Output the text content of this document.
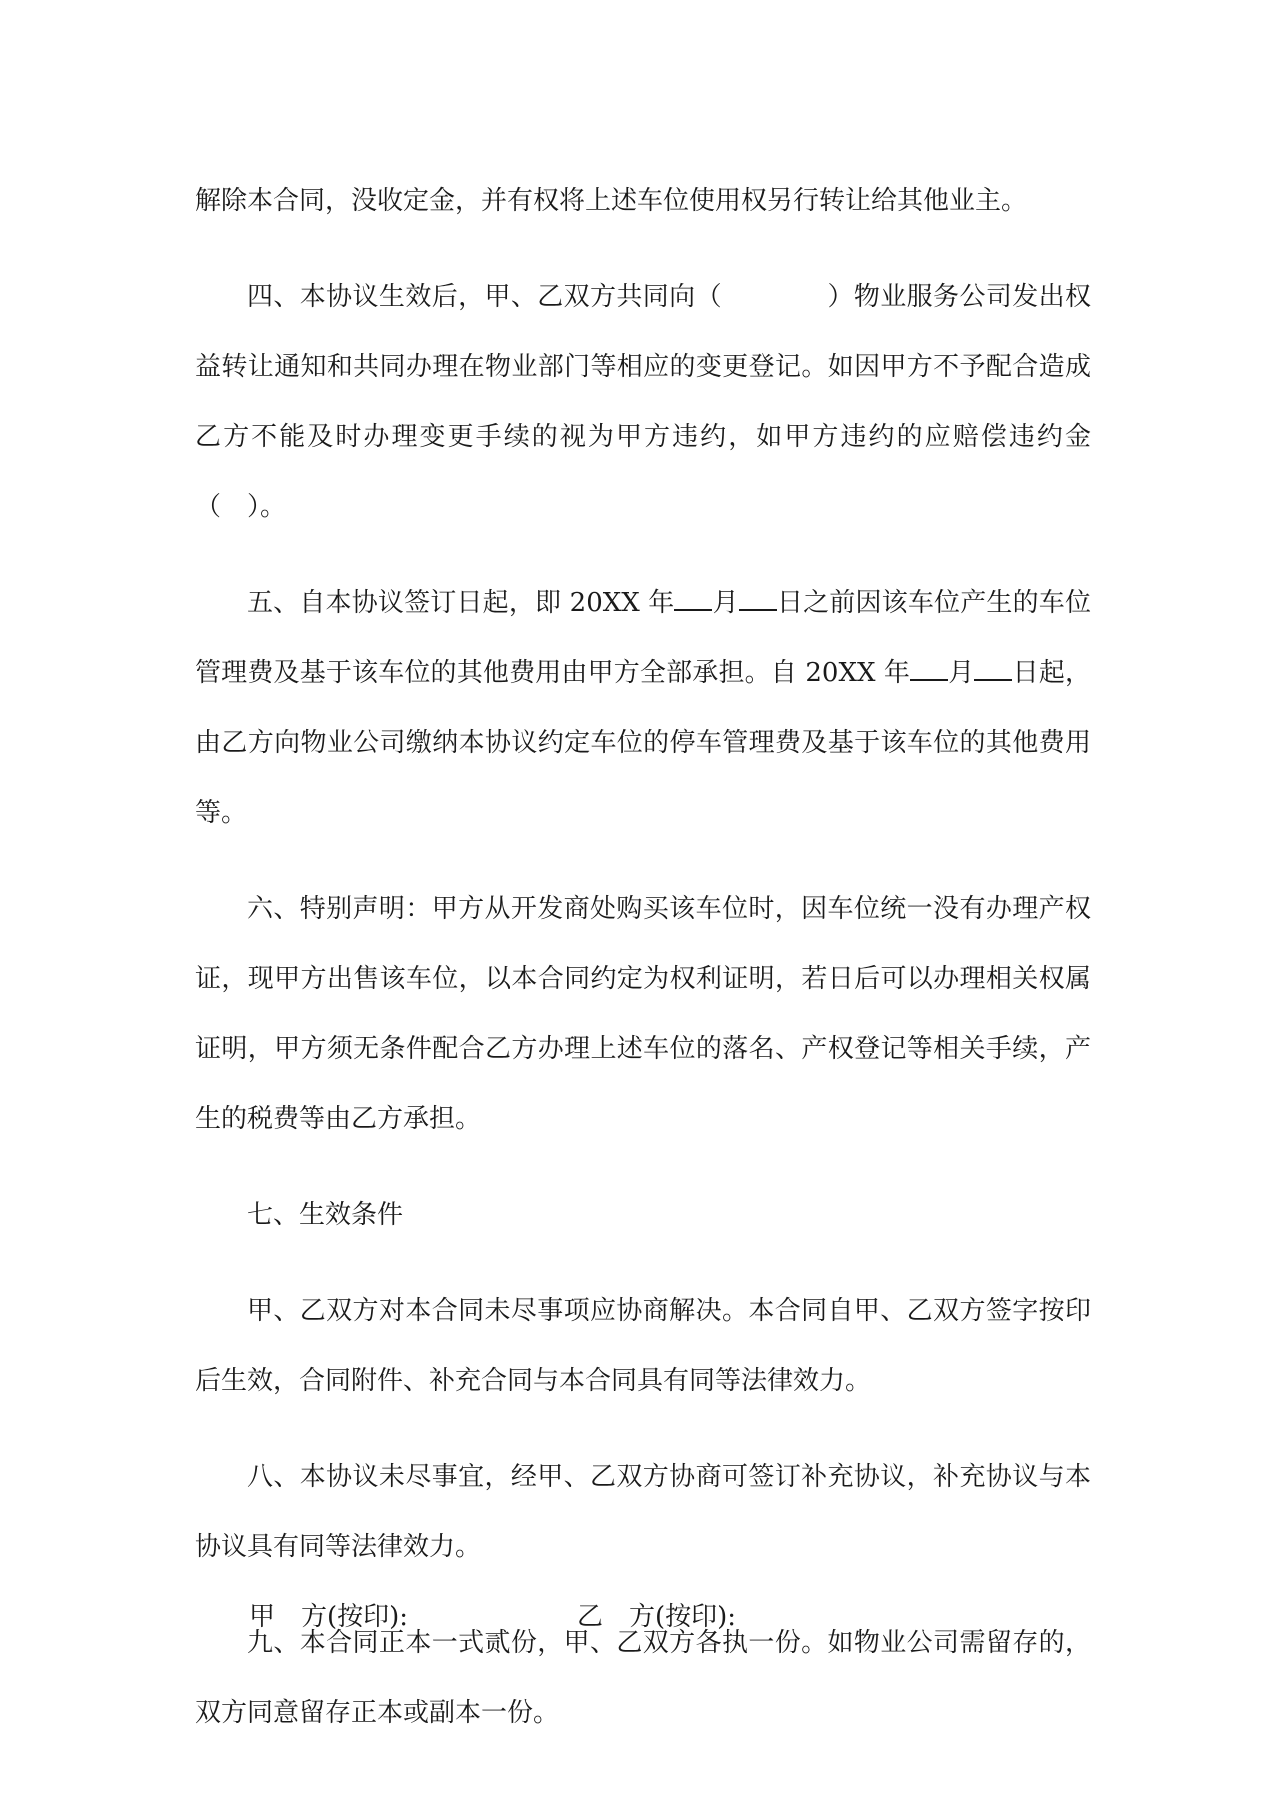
解除本合同，没收定金，并有权将上述车位使用权另行转让给其他业主。

四、本协议生效后，甲、乙双方共同向（　　　　）物业服务公司发出权益转让通知和共同办理在物业部门等相应的变更登记。如因甲方不予配合造成乙方不能及时办理变更手续的视为甲方违约，如甲方违约的应赔偿违约金（　）。

五、自本协议签订日起，即 20XX 年 月 日之前因该车位产生的车位管理费及基于该车位的其他费用由甲方全部承担。自 20XX 年 月 日起，由乙方向物业公司缴纳本协议约定车位的停车管理费及基于该车位的其他费用等。

六、特别声明：甲方从开发商处购买该车位时，因车位统一没有办理产权证，现甲方出售该车位，以本合同约定为权利证明，若日后可以办理相关权属证明，甲方须无条件配合乙方办理上述车位的落名、产权登记等相关手续，产生的税费等由乙方承担。

七、生效条件

甲、乙双方对本合同未尽事项应协商解决。本合同自甲、乙双方签字按印后生效，合同附件、补充合同与本合同具有同等法律效力。

八、本协议未尽事宜，经甲、乙双方协商可签订补充协议，补充协议与本协议具有同等法律效力。

九、本合同正本一式贰份，甲、乙双方各执一份。如物业公司需留存的，双方同意留存正本或副本一份。

甲　方(按印):	乙　方(按印):
